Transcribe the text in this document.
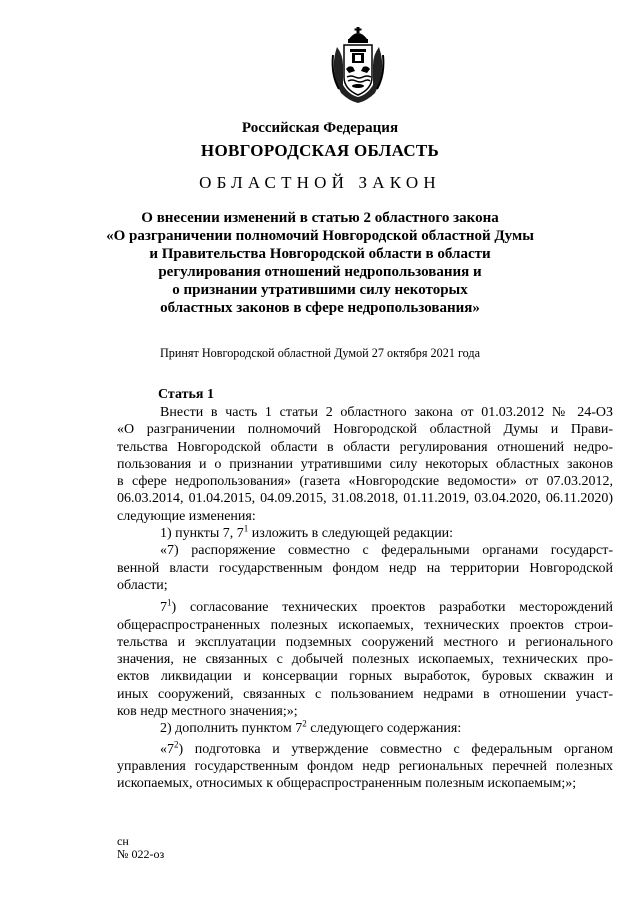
Российская Федерация
НОВГОРОДСКАЯ ОБЛАСТЬ
ОБЛАСТНОЙ ЗАКОН
О внесении изменений в статью 2 областного закона
«О разграничении полномочий Новгородской областной Думы
и Правительства Новгородской области в области
регулирования отношений недропользования и
о признании утратившими силу некоторых
областных законов в сфере недропользования»
Принят Новгородской областной Думой 27 октября 2021 года
Статья 1
Внести в часть 1 статьи 2 областного закона от 01.03.2012 № 24-ОЗ
«О разграничении полномочий Новгородской областной Думы и Прави-
тельства Новгородской области в области регулирования отношений недро-
пользования и о признании утратившими силу некоторых областных законов
в сфере недропользования» (газета «Новгородские ведомости» от 07.03.2012,
06.03.2014, 01.04.2015, 04.09.2015, 31.08.2018, 01.11.2019, 03.04.2020, 06.11.2020)
следующие изменения:
1) пункты 7, $7^1$ изложить в следующей редакции:
«7) распоряжение совместно с федеральными органами государст-
венной власти государственным фондом недр на территории Новгородской
области;
$7^1$) согласование технических проектов разработки месторождений
общераспространенных полезных ископаемых, технических проектов строи-
тельства и эксплуатации подземных сооружений местного и регионального
значения, не связанных с добычей полезных ископаемых, технических про-
ектов ликвидации и консервации горных выработок, буровых скважин и
иных сооружений, связанных с пользованием недрами в отношении участ-
ков недр местного значения;»;
2) дополнить пунктом $7^2$ следующего содержания:
«$7^2$) подготовка и утверждение совместно с федеральным органом
управления государственным фондом недр региональных перечней полезных
ископаемых, относимых к общераспространенным полезным ископаемым;»;
сн
№ 022-оз
